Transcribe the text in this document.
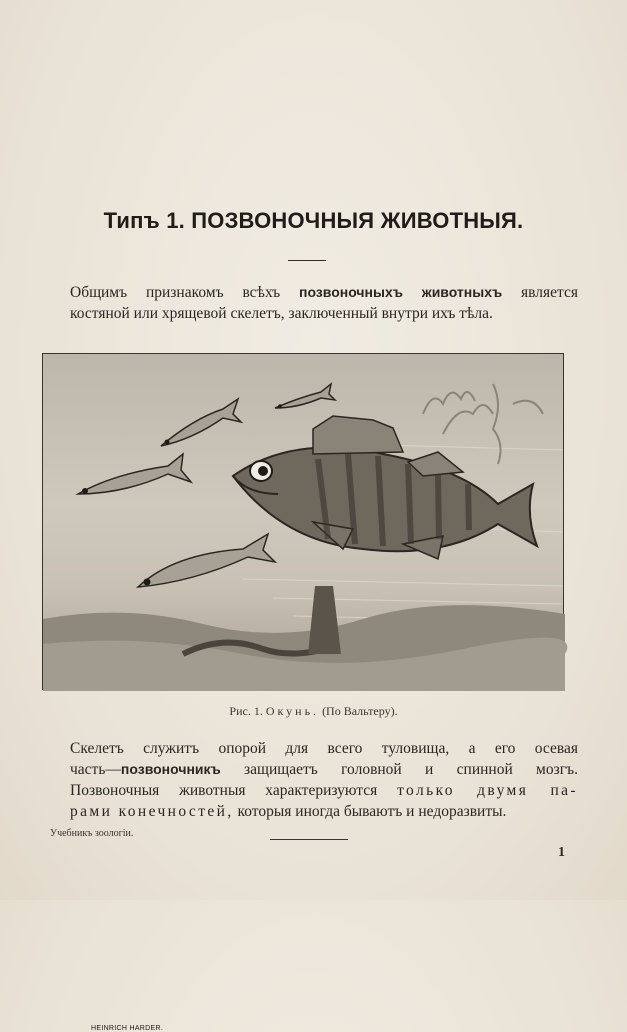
Типъ 1. ПОЗВОНОЧНЫЯ ЖИВОТНЫЯ.
Общимъ признакомъ всѣхъ позвоночныхъ животныхъ является
костяной или хрящевой скелетъ, заключенный внутри ихъ тѣла.
HEINRICH HARDER.
Рис. 1. Окунь. (По Вальтеру).
Скелетъ служитъ опорой для всего туловища, а его осевая
часть—позвоночникъ защищаетъ головной и спинной мозгъ.
Позвоночныя животныя характеризуются только двумя па-
рами конечностей, которыя иногда бываютъ и недоразвиты.
Учебникъ зоологіи.
1
